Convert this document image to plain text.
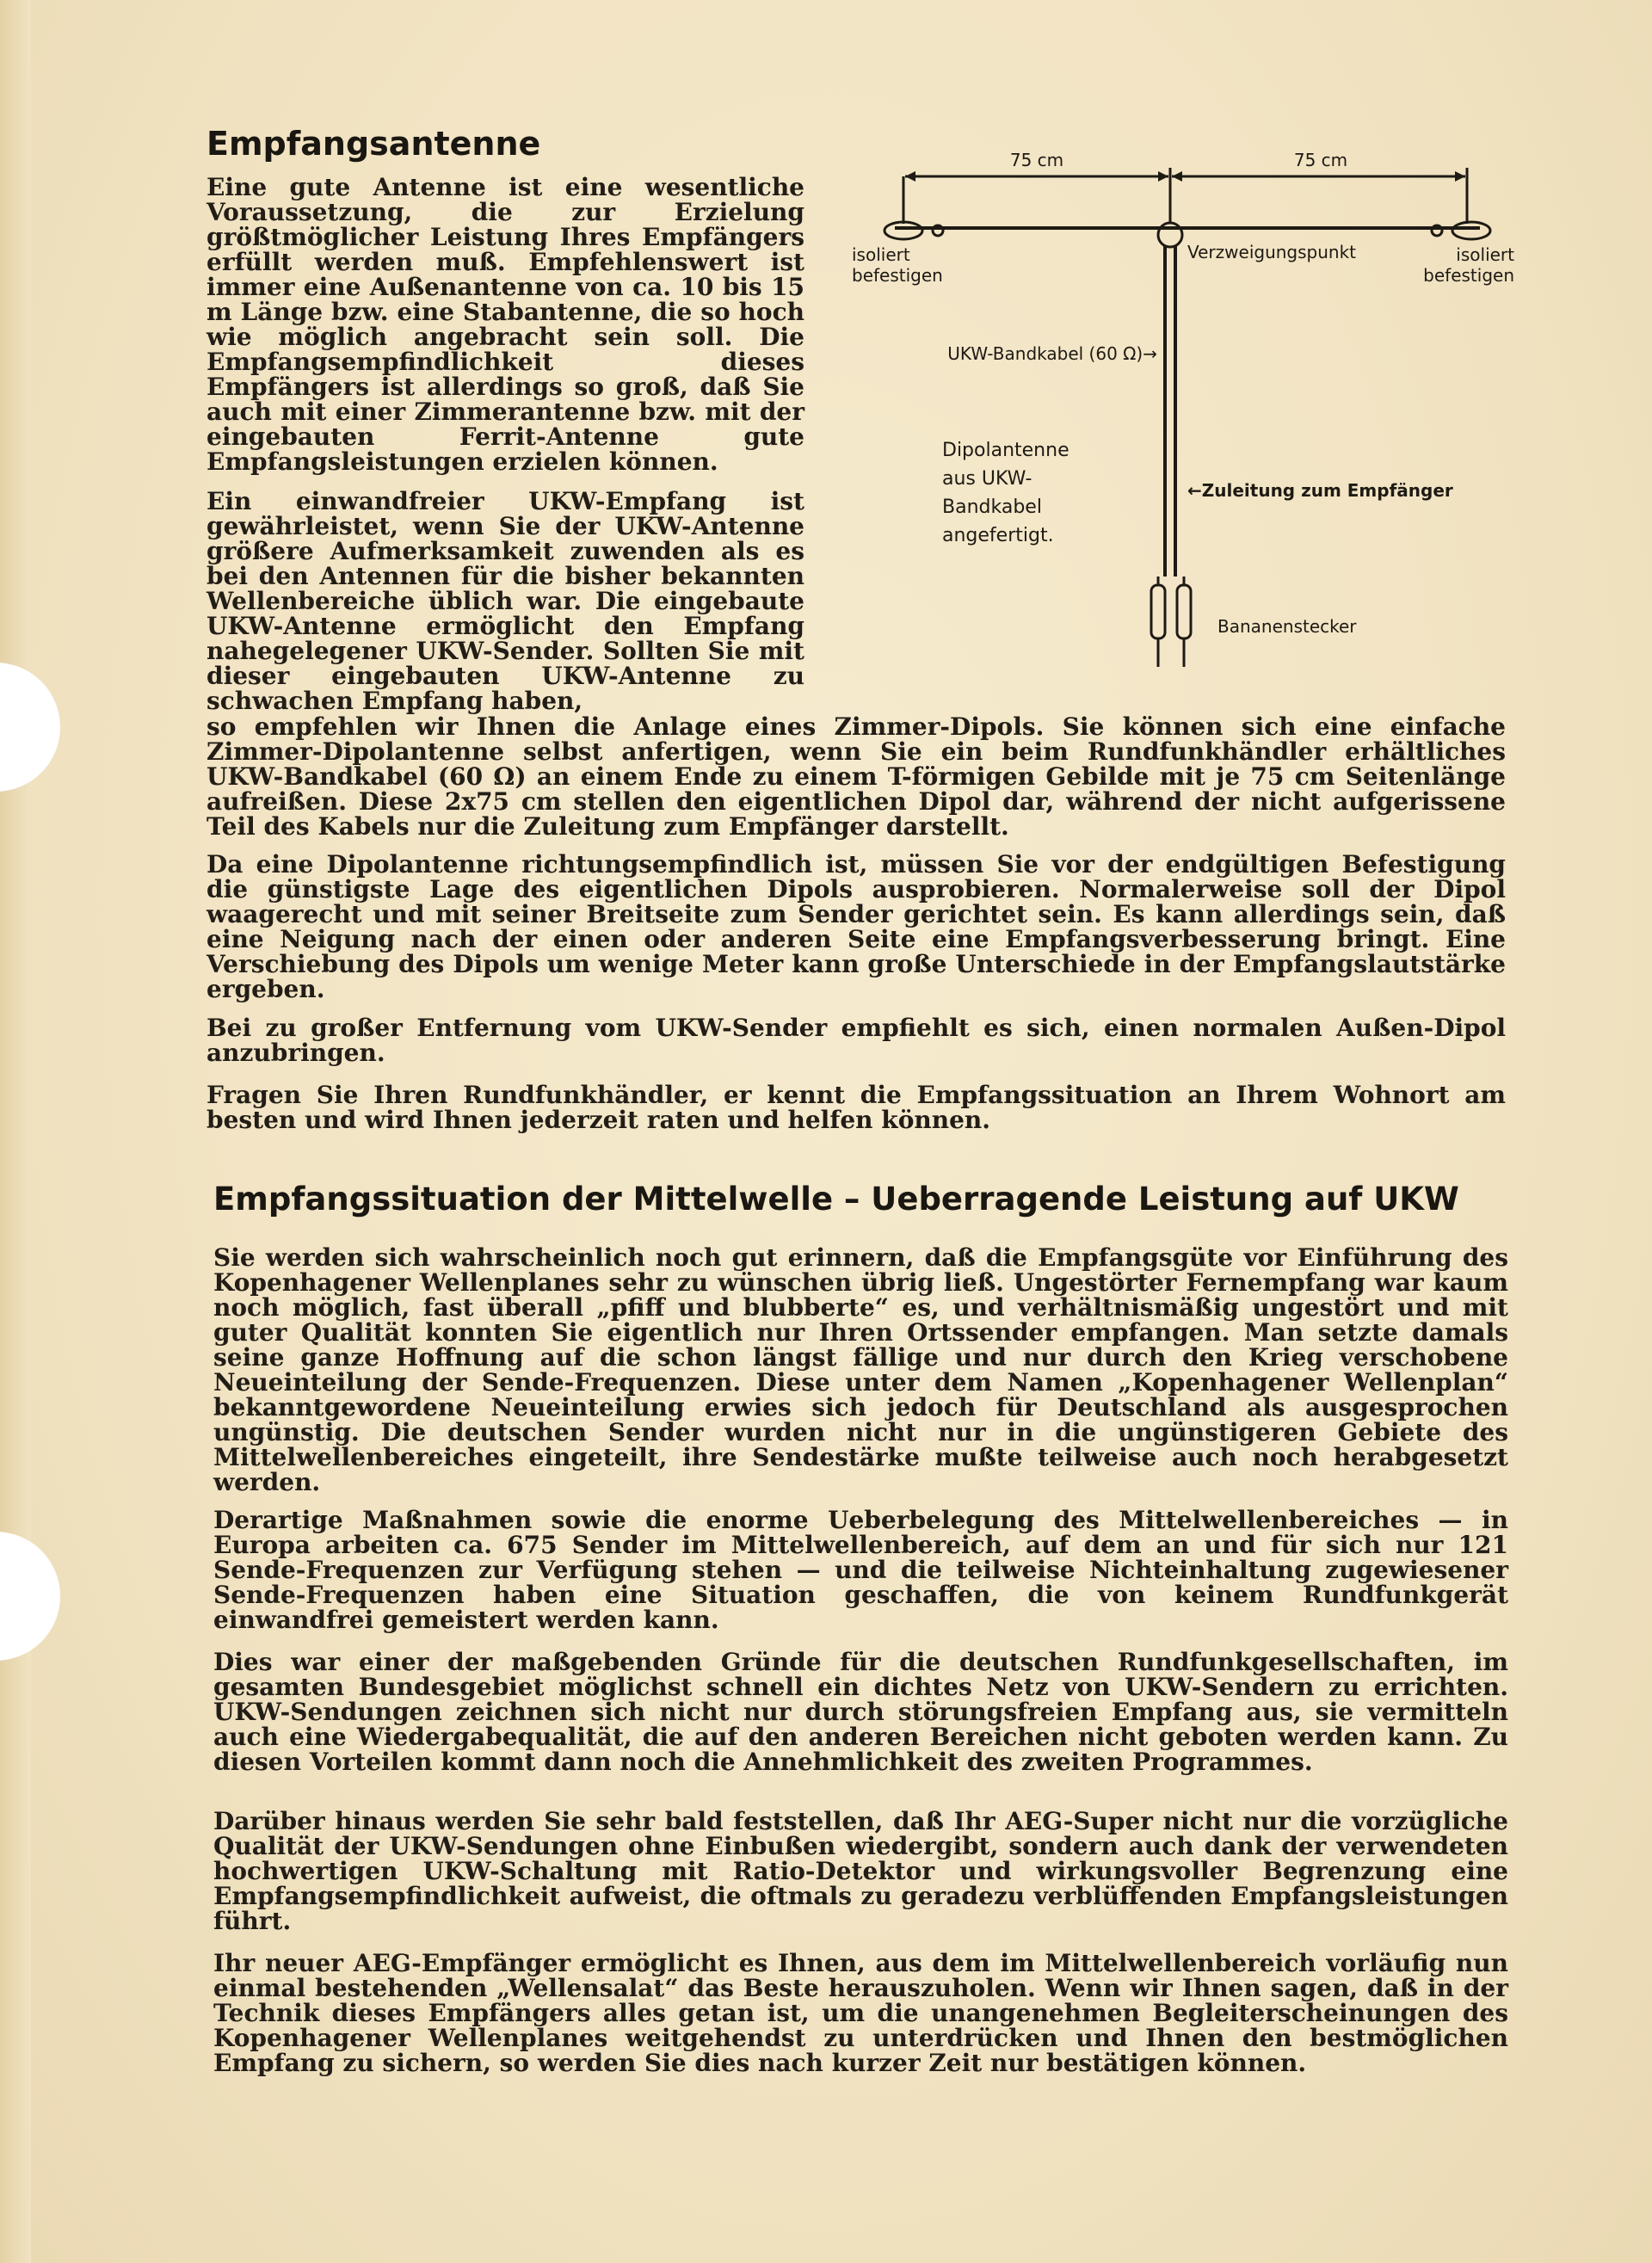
Empfangsantenne

Eine gute Antenne ist eine wesentliche Voraussetzung, die zur Erzielung größtmöglicher Leistung Ihres Empfängers erfüllt werden muß. Empfehlenswert ist immer eine Außenantenne von ca. 10 bis 15 m Länge bzw. eine Stabantenne, die so hoch wie möglich angebracht sein soll. Die Empfangsempfindlichkeit dieses Empfängers ist allerdings so groß, daß Sie auch mit einer Zimmerantenne bzw. mit der eingebauten Ferrit-Antenne gute Empfangsleistungen erzielen können.

Ein einwandfreier UKW-Empfang ist gewährleistet, wenn Sie der UKW-Antenne größere Aufmerksamkeit zuwenden als es bei den Antennen für die bisher bekannten Wellenbereiche üblich war. Die eingebaute UKW-Antenne ermöglicht den Empfang nahegelegener UKW-Sender. Sollten Sie mit dieser eingebauten UKW-Antenne zu schwachen Empfang haben,

so empfehlen wir Ihnen die Anlage eines Zimmer-Dipols. Sie können sich eine einfache Zimmer-Dipolantenne selbst anfertigen, wenn Sie ein beim Rundfunkhändler erhältliches UKW-Bandkabel (60 Ω) an einem Ende zu einem T-förmigen Gebilde mit je 75 cm Seitenlänge aufreißen. Diese 2x75 cm stellen den eigentlichen Dipol dar, während der nicht aufgerissene Teil des Kabels nur die Zuleitung zum Empfänger darstellt.

Da eine Dipolantenne richtungsempfindlich ist, müssen Sie vor der endgültigen Befestigung die günstigste Lage des eigentlichen Dipols ausprobieren. Normalerweise soll der Dipol waagerecht und mit seiner Breitseite zum Sender gerichtet sein. Es kann allerdings sein, daß eine Neigung nach der einen oder anderen Seite eine Empfangsverbesserung bringt. Eine Verschiebung des Dipols um wenige Meter kann große Unterschiede in der Empfangslautstärke ergeben.

Bei zu großer Entfernung vom UKW-Sender empfiehlt es sich, einen normalen Außen-Dipol anzubringen.

Fragen Sie Ihren Rundfunkhändler, er kennt die Empfangssituation an Ihrem Wohnort am besten und wird Ihnen jederzeit raten und helfen können.

75 cm	75 cm
isoliert
befestigen
isoliert
befestigen
Verzweigungspunkt
UKW-Bandkabel (60 Ω)→
Dipolantenne
aus UKW-
Bandkabel
angefertigt.
←Zuleitung zum Empfänger
Bananenstecker
Empfangssituation der Mittelwelle – Ueberragende Leistung auf UKW

Sie werden sich wahrscheinlich noch gut erinnern, daß die Empfangsgüte vor Einführung des Kopenhagener Wellenplanes sehr zu wünschen übrig ließ. Ungestörter Fernempfang war kaum noch möglich, fast überall „pfiff und blubberte“ es, und verhältnismäßig ungestört und mit guter Qualität konnten Sie eigentlich nur Ihren Ortssender empfangen. Man setzte damals seine ganze Hoffnung auf die schon längst fällige und nur durch den Krieg verschobene Neueinteilung der Sende-Frequenzen. Diese unter dem Namen „Kopenhagener Wellenplan“ bekanntgewordene Neueinteilung erwies sich jedoch für Deutschland als ausgesprochen ungünstig. Die deutschen Sender wurden nicht nur in die ungünstigeren Gebiete des Mittelwellenbereiches eingeteilt, ihre Sendestärke mußte teilweise auch noch herabgesetzt werden.

Derartige Maßnahmen sowie die enorme Ueberbelegung des Mittelwellenbereiches — in Europa arbeiten ca. 675 Sender im Mittelwellenbereich, auf dem an und für sich nur 121 Sende-Frequenzen zur Verfügung stehen — und die teilweise Nichteinhaltung zugewiesener Sende-Frequenzen haben eine Situation geschaffen, die von keinem Rundfunkgerät einwandfrei gemeistert werden kann.

Dies war einer der maßgebenden Gründe für die deutschen Rundfunkgesellschaften, im gesamten Bundesgebiet möglichst schnell ein dichtes Netz von UKW-Sendern zu errichten. UKW-Sendungen zeichnen sich nicht nur durch störungsfreien Empfang aus, sie vermitteln auch eine Wiedergabequalität, die auf den anderen Bereichen nicht geboten werden kann. Zu diesen Vorteilen kommt dann noch die Annehmlichkeit des zweiten Programmes.

Darüber hinaus werden Sie sehr bald feststellen, daß Ihr AEG-Super nicht nur die vorzügliche Qualität der UKW-Sendungen ohne Einbußen wiedergibt, sondern auch dank der verwendeten hochwertigen UKW-Schaltung mit Ratio-Detektor und wirkungsvoller Begrenzung eine Empfangsempfindlichkeit aufweist, die oftmals zu geradezu verblüffenden Empfangsleistungen führt.

Ihr neuer AEG-Empfänger ermöglicht es Ihnen, aus dem im Mittelwellenbereich vorläufig nun einmal bestehenden „Wellensalat“ das Beste herauszuholen. Wenn wir Ihnen sagen, daß in der Technik dieses Empfängers alles getan ist, um die unangenehmen Begleiterscheinungen des Kopenhagener Wellenplanes weitgehendst zu unterdrücken und Ihnen den bestmöglichen Empfang zu sichern, so werden Sie dies nach kurzer Zeit nur bestätigen können.
